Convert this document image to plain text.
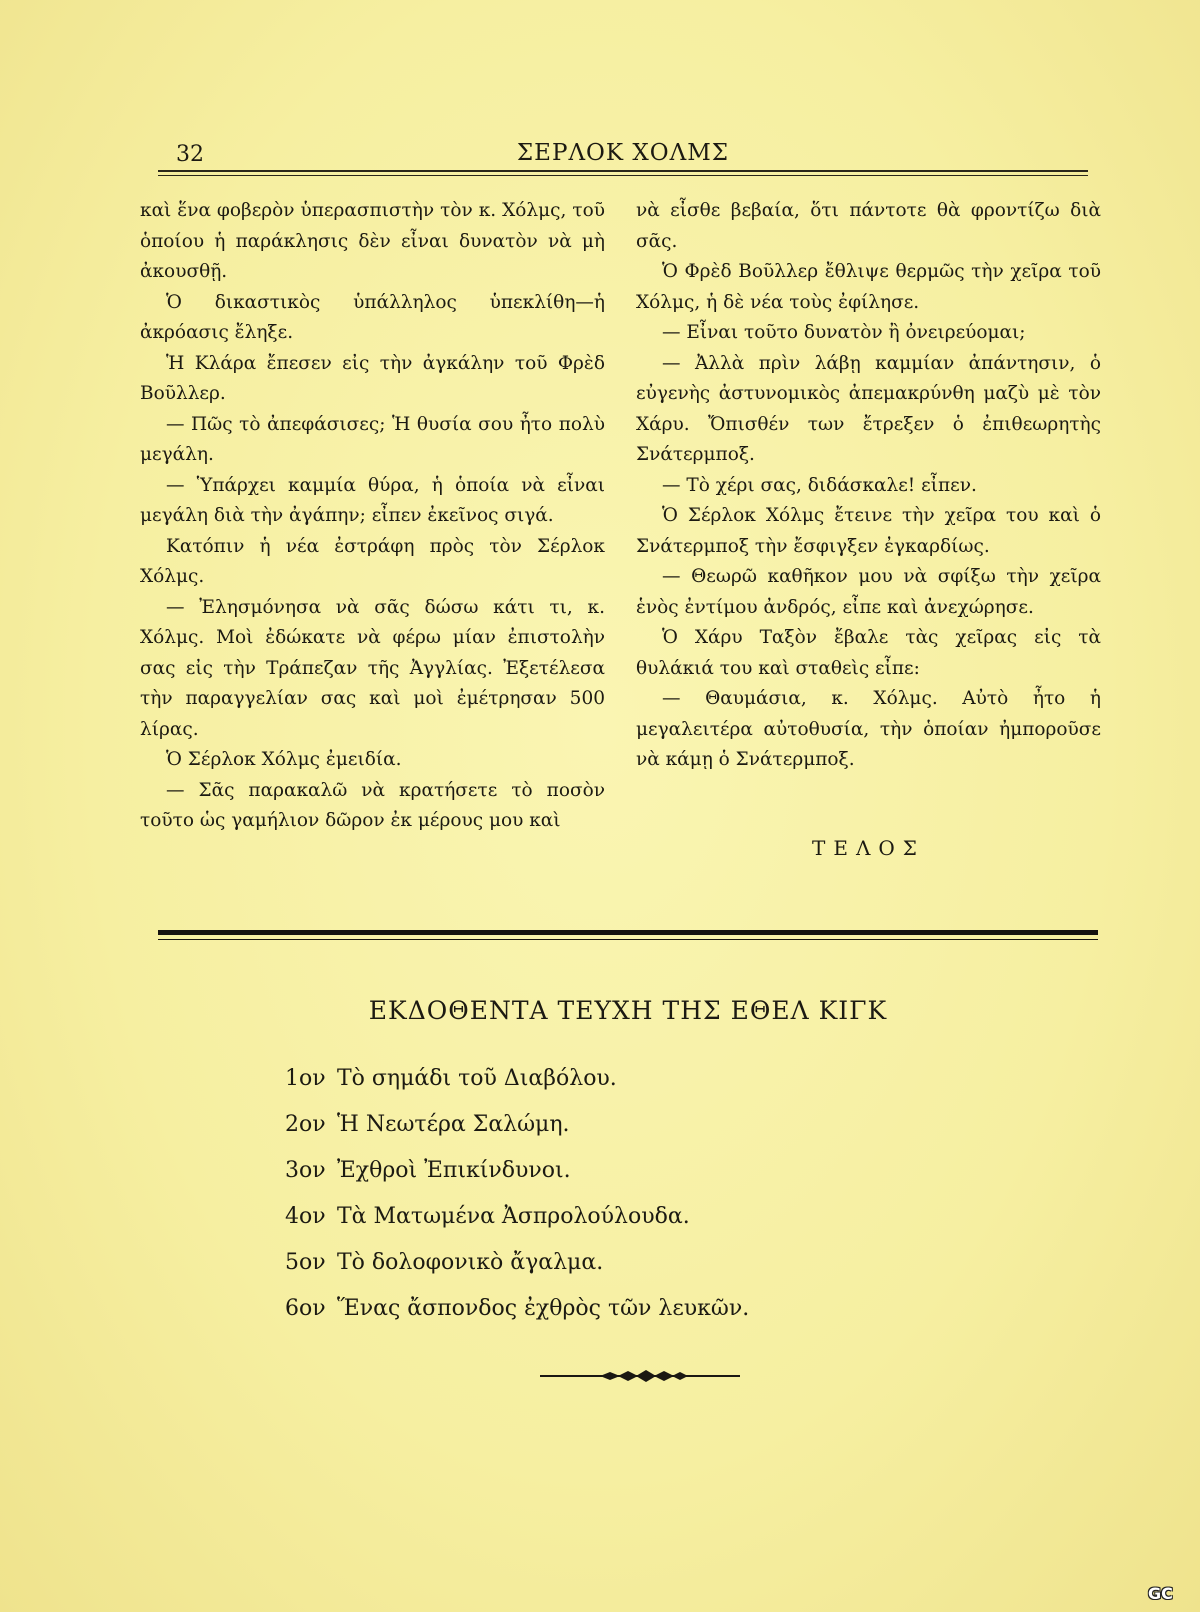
32	ΣΕΡΛΟΚ ΧΟΛΜΣ

καὶ ἕνα φοβερὸν ὑπερασπιστὴν τὸν κ. Χόλμς, τοῦ ὁποίου ἡ παράκλησις δὲν εἶναι δυνατὸν νὰ μὴ ἀκουσθῇ.

Ὁ δικαστικὸς ὑπάλληλος ὑπεκλίθη—ἡ ἀκρόασις ἔληξε.

Ἡ Κλάρα ἔπεσεν εἰς τὴν ἀγκάλην τοῦ Φρὲδ Βοῦλλερ.

— Πῶς τὸ ἀπεφάσισες; Ἡ θυσία σου ἦτο πολὺ μεγάλη.

— Ὑπάρχει καμμία θύρα, ἡ ὁποία νὰ εἶναι μεγάλη διὰ τὴν ἀγάπην; εἶπεν ἐκεῖνος σιγά.

Κατόπιν ἡ νέα ἐστράφη πρὸς τὸν Σέρλοκ Χόλμς.

— Ἐλησμόνησα νὰ σᾶς δώσω κάτι τι, κ. Χόλμς. Μοὶ ἐδώκατε νὰ φέρω μίαν ἐπιστολὴν σας εἰς τὴν Τράπεζαν τῆς Ἀγγλίας. Ἐξετέλεσα τὴν παραγγελίαν σας καὶ μοὶ ἐμέτρησαν 500 λίρας.

Ὁ Σέρλοκ Χόλμς ἐμειδία.

— Σᾶς παρακαλῶ νὰ κρατήσετε τὸ ποσὸν τοῦτο ὡς γαμήλιον δῶρον ἐκ μέρους μου καὶ

νὰ εἶσθε βεβαία, ὅτι πάντοτε θὰ φροντίζω διὰ σᾶς.

Ὁ Φρὲδ Βοῦλλερ ἔθλιψε θερμῶς τὴν χεῖρα τοῦ Χόλμς, ἡ δὲ νέα τοὺς ἐφίλησε.

— Εἶναι τοῦτο δυνατὸν ἢ ὀνειρεύομαι;

— Ἀλλὰ πρὶν λάβῃ καμμίαν ἀπάντησιν, ὁ εὐγενὴς ἀστυνομικὸς ἀπεμακρύνθη μαζὺ μὲ τὸν Χάρυ. Ὄπισθέν των ἔτρεξεν ὁ ἐπιθεωρητὴς Σνάτερμποξ.

— Τὸ χέρι σας, διδάσκαλε! εἶπεν.

Ὁ Σέρλοκ Χόλμς ἔτεινε τὴν χεῖρα του καὶ ὁ Σνάτερμποξ τὴν ἔσφιγξεν ἐγκαρδίως.

— Θεωρῶ καθῆκον μου νὰ σφίξω τὴν χεῖρα ἑνὸς ἐντίμου ἀνδρός, εἶπε καὶ ἀνεχώρησε.

Ὁ Χάρυ Ταξὸν ἔβαλε τὰς χεῖρας εἰς τὰ θυλάκιά του καὶ σταθεὶς εἶπε:

— Θαυμάσια, κ. Χόλμς. Αὐτὸ ἦτο ἡ μεγαλειτέρα αὐτοθυσία, τὴν ὁποίαν ἠμποροῦσε νὰ κάμῃ ὁ Σνάτερμποξ.

ΤΕΛΟΣ
ΕΚΔΟΘΕΝΤΑ ΤΕΥΧΗ ΤΗΣ ΕΘΕΛ ΚΙΓΚ
1ον Τὸ σημάδι τοῦ Διαβόλου.
2ον Ἡ Νεωτέρα Σαλώμη.
3ον Ἐχθροὶ Ἐπικίνδυνοι.
4ον Τὰ Ματωμένα Ἀσπρολούλουδα.
5ον Τὸ δολοφονικὸ ἄγαλμα.
6ον Ἕνας ἄσπονδος ἐχθρὸς τῶν λευκῶν.
GC
